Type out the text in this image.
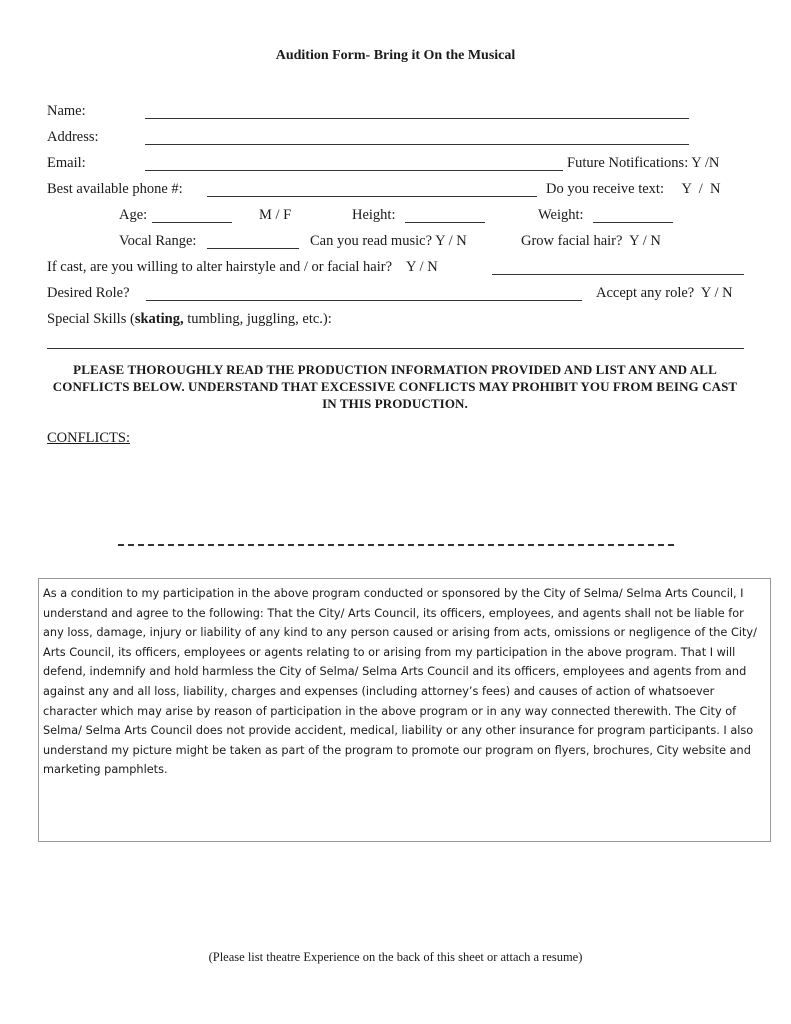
Audition Form- Bring it On the Musical
Name:
Address:
Email:	Future Notifications: Y /N
Best available phone #:	Do you receive text:     Y  /  N
Age:	M / F	Height:	Weight:
Vocal Range:	Can you read music? Y / N	Grow facial hair?  Y / N
If cast, are you willing to alter hairstyle and / or facial hair?    Y / N
Desired Role?	Accept any role?  Y / N
Special Skills (skating, tumbling, juggling, etc.):
PLEASE THOROUGHLY READ THE PRODUCTION INFORMATION PROVIDED AND LIST ANY AND ALL CONFLICTS BELOW. UNDERSTAND THAT EXCESSIVE CONFLICTS MAY PROHIBIT YOU FROM BEING CAST IN THIS PRODUCTION.
CONFLICTS:
As a condition to my participation in the above program conducted or sponsored by the City of Selma/ Selma Arts Council, I understand and agree to the following: That the City/ Arts Council, its officers, employees, and agents shall not be liable for any loss, damage, injury or liability of any kind to any person caused or arising from acts, omissions or negligence of the City/ Arts Council, its officers, employees or agents relating to or arising from my participation in the above program. That I will defend, indemnify and hold harmless the City of Selma/ Selma Arts Council and its officers, employees and agents from and against any and all loss, liability, charges and expenses (including attorney’s fees) and causes of action of whatsoever character which may arise by reason of participation in the above program or in any way connected therewith. The City of Selma/ Selma Arts Council does not provide accident, medical, liability or any other insurance for program participants. I also understand my picture might be taken as part of the program to promote our program on flyers, brochures, City website and marketing pamphlets.
(Please list theatre Experience on the back of this sheet or attach a resume)
